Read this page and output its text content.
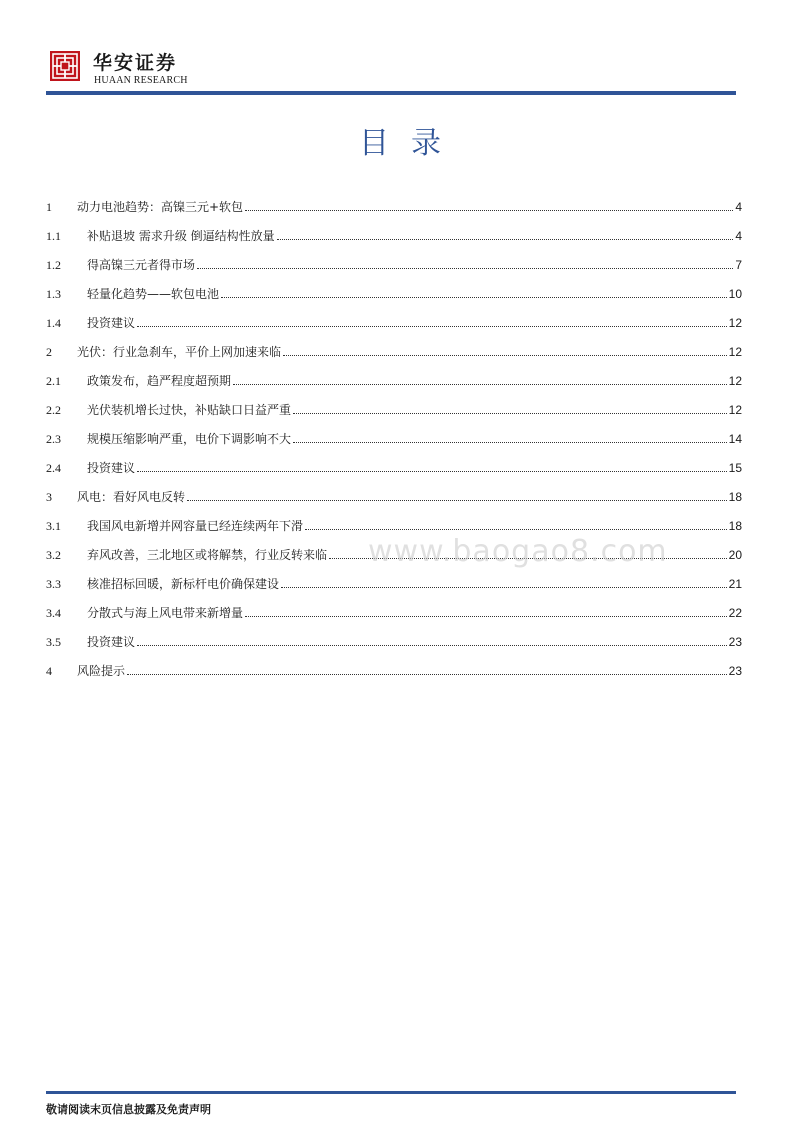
华安证券
HUAAN RESEARCH
目录
1	动力电池趋势：高镍三元+软包	4
1.1	补贴退坡 需求升级 倒逼结构性放量	4
1.2	得高镍三元者得市场	7
1.3	轻量化趋势——软包电池	10
1.4	投资建议	12
2	光伏：行业急刹车，平价上网加速来临	12
2.1	政策发布，趋严程度超预期	12
2.2	光伏装机增长过快，补贴缺口日益严重	12
2.3	规模压缩影响严重，电价下调影响不大	14
2.4	投资建议	15
3	风电：看好风电反转	18
3.1	我国风电新增并网容量已经连续两年下滑	18
3.2	弃风改善，三北地区或将解禁，行业反转来临	20
3.3	核准招标回暖，新标杆电价确保建设	21
3.4	分散式与海上风电带来新增量	22
3.5	投资建议	23
4	风险提示	23
www.baogao8.com
敬请阅读末页信息披露及免责声明
